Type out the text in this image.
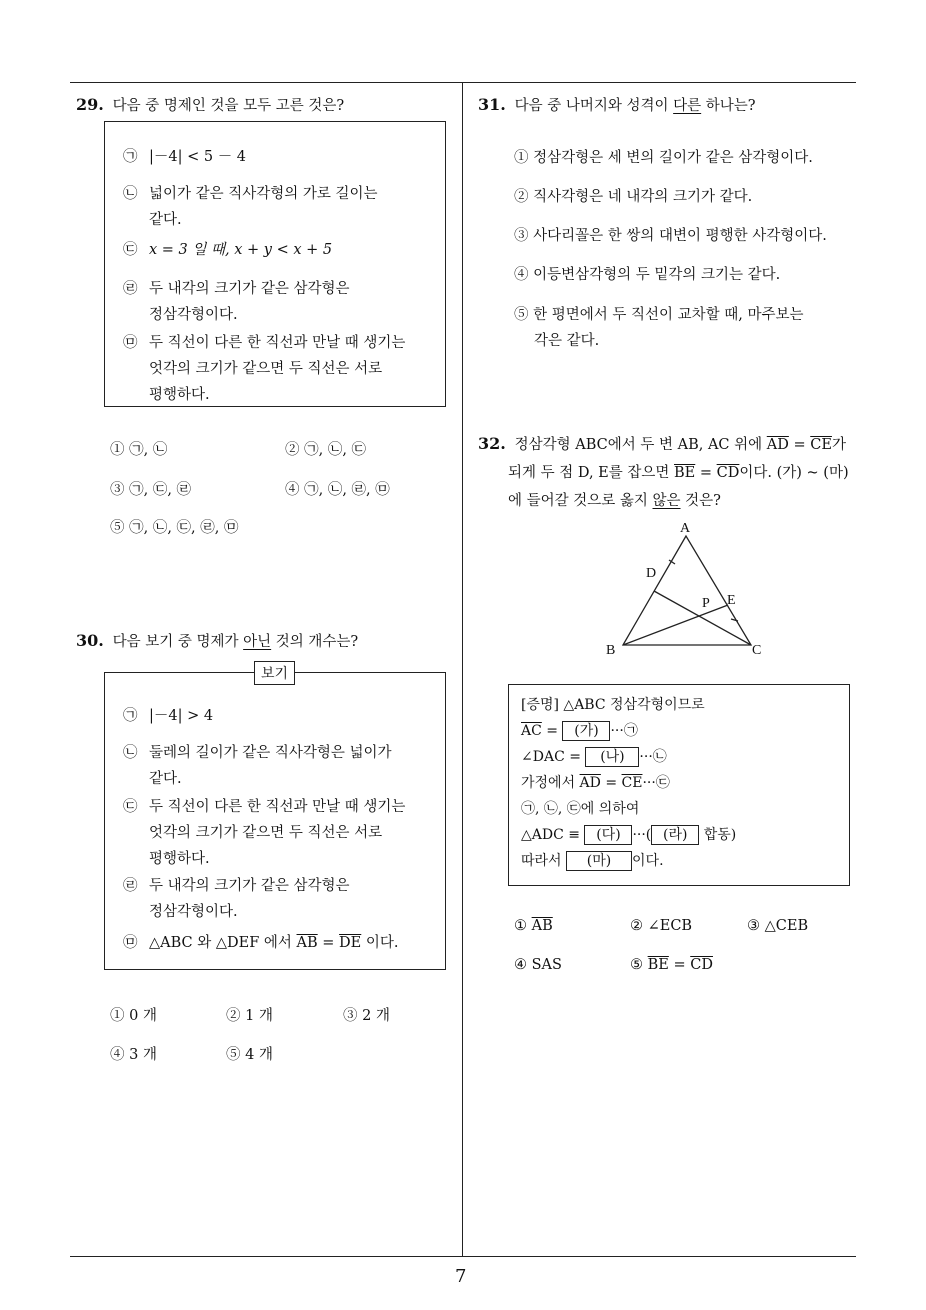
29. 다음 중 명제인 것을 모두 고른 것은?
㉠ |－4| < 5 － 4
㉡ 넓이가 같은 직사각형의 가로 길이는
같다.
㉢ x = 3 일 때, x + y < x + 5
㉣ 두 내각의 크기가 같은 삼각형은
정삼각형이다.
㉤ 두 직선이 다른 한 직선과 만날 때 생기는
엇각의 크기가 같으면 두 직선은 서로
평행하다.
① ㉠, ㉡	② ㉠, ㉡, ㉢
③ ㉠, ㉢, ㉣	④ ㉠, ㉡, ㉣, ㉤
⑤ ㉠, ㉡, ㉢, ㉣, ㉤
30. 다음 보기 중 명제가 아닌 것의 개수는?
㉠ |－4| > 4
㉡ 둘레의 길이가 같은 직사각형은 넓이가
같다.
㉢ 두 직선이 다른 한 직선과 만날 때 생기는
엇각의 크기가 같으면 두 직선은 서로
평행하다.
㉣ 두 내각의 크기가 같은 삼각형은
정삼각형이다.
㉤ △ABC 와 △DEF 에서 $\overline{AB} = \overline{DE}$ 이다.
보기
① 0 개	② 1 개	③ 2 개
④ 3 개	⑤ 4 개
31. 다음 중 나머지와 성격이 다른 하나는?
① 정삼각형은 세 변의 길이가 같은 삼각형이다.
② 직사각형은 네 내각의 크기가 같다.
③ 사다리꼴은 한 쌍의 대변이 평행한 사각형이다.
④ 이등변삼각형의 두 밑각의 크기는 같다.
⑤ 한 평면에서 두 직선이 교차할 때, 마주보는
각은 같다.
32. 정삼각형 ABC에서 두 변 AB, AC 위에 $\overline{AD} = \overline{CE}$가
되게 두 점 D, E를 잡으면 $\overline{BE} = \overline{CD}$이다. (가) ~ (마)
에 들어갈 것으로 옳지 않은 것은?
A
B	C
D
E
P
[증명] △ABC 정삼각형이므로
$\overline{AC}$ = (가) ···㉠
∠DAC = (나) ···㉡
가정에서 $\overline{AD}$ = $\overline{CE}\cdot\cdot\cdot㉢$
㉠, ㉡, ㉢에 의하여
△ADC ≡ (다) ···( (라) 합동)
따라서 (마) 이다.
① $\overline{AB}$	② ∠ECB	③ △CEB
④ SAS	⑤ $\overline{BE} = \overline{CD}$
7
